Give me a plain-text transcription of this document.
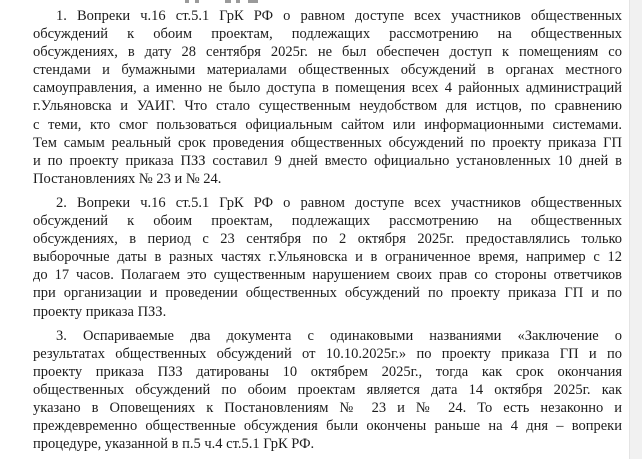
1. Вопреки ч.16 ст.5.1 ГрК РФ о равном доступе всех участников общественных
обсуждений к обоим проектам, подлежащих рассмотрению на общественных
обсуждениях, в дату 28 сентября 2025г. не был обеспечен доступ к помещениям со
стендами и бумажными материалами общественных обсуждений в органах местного
самоуправления, а именно не было доступа в помещения всех 4 районных администраций
г.Ульяновска и УАИГ. Что стало существенным неудобством для истцов, по сравнению
с теми, кто смог пользоваться официальным сайтом или информационными системами.
Тем самым реальный срок проведения общественных обсуждений по проекту приказа ГП
и по проекту приказа ПЗЗ составил 9 дней вместо официально установленных 10 дней в
Постановлениях № 23 и № 24.
2. Вопреки ч.16 ст.5.1 ГрК РФ о равном доступе всех участников общественных
обсуждений к обоим проектам, подлежащих рассмотрению на общественных
обсуждениях, в период с 23 сентября по 2 октября 2025г. предоставлялись только
выборочные даты в разных частях г.Ульяновска и в ограниченное время, например с 12
до 17 часов. Полагаем это существенным нарушением своих прав со стороны ответчиков
при организации и проведении общественных обсуждений по проекту приказа ГП и по
проекту приказа ПЗЗ.
3. Оспариваемые два документа с одинаковыми названиями «Заключение о
результатах общественных обсуждений от 10.10.2025г.» по проекту приказа ГП и по
проекту приказа ПЗЗ датированы 10 октябрем 2025г., тогда как срок окончания
общественных обсуждений по обоим проектам является дата 14 октября 2025г. как
указано в Оповещениях к Постановлениям № 23 и № 24. То есть незаконно и
преждевременно общественные обсуждения были окончены раньше на 4 дня – вопреки
процедуре, указанной в п.5 ч.4 ст.5.1 ГрК РФ.
